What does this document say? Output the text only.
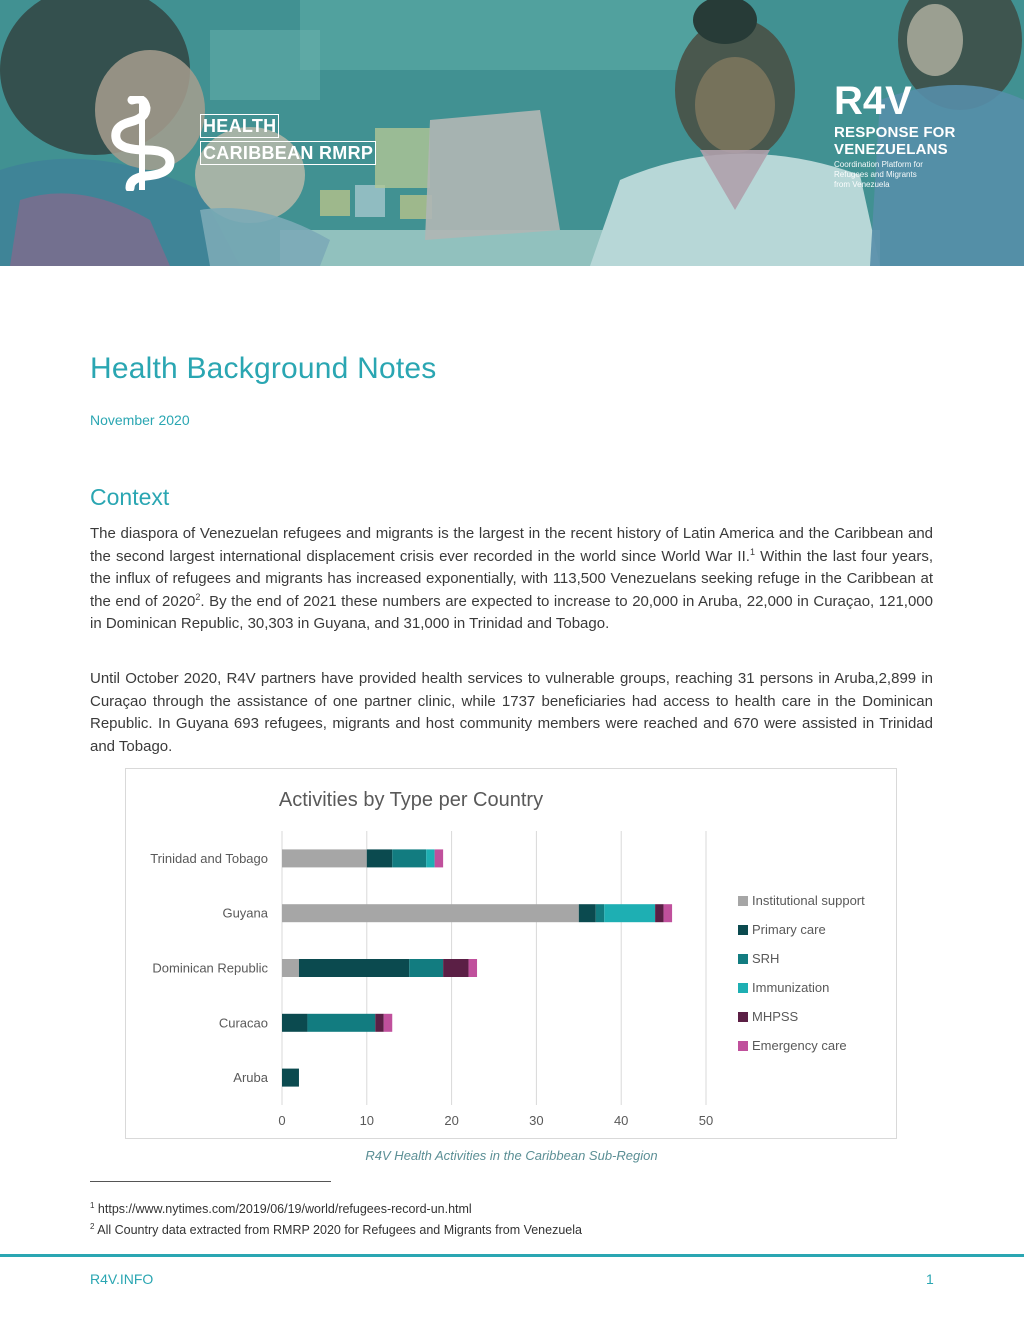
HEALTH
CARIBBEAN RMRP
R4V
RESPONSE FOR
VENEZUELANS
Coordination Platform for
Refugees and Migrants
from Venezuela
Health Background Notes
November 2020
Context

The diaspora of Venezuelan refugees and migrants is the largest in the recent history of Latin America and the Caribbean and the second largest international displacement crisis ever recorded in the world since World War II.$^1$ Within the last four years, the influx of refugees and migrants has increased exponentially, with 113,500 Venezuelans seeking refuge in the Caribbean at the end of 2020$^2$. By the end of 2021 these numbers are expected to increase to 20,000 in Aruba, 22,000 in Curaçao, 121,000 in Dominican Republic, 30,303 in Guyana, and 31,000 in Trinidad and Tobago.

Until October 2020, R4V partners have provided health services to vulnerable groups, reaching 31 persons in Aruba,2,899 in Curaçao through the assistance of one partner clinic, while 1737 beneficiaries had access to health care in the Dominican Republic. In Guyana 693 refugees, migrants and host community members were reached and 670 were assisted in Trinidad and Tobago.

Activities by Type per Country
Trinidad and Tobago
Guyana
Dominican Republic
Curacao
Aruba
0	10	20	30	40	50
Institutional support
Primary care
SRH
Immunization
MHPSS
Emergency care
R4V Health Activities in the Caribbean Sub-Region
$^1$ https://www.nytimes.com/2019/06/19/world/refugees-record-un.html
$^2$ All Country data extracted from RMRP 2020 for Refugees and Migrants from Venezuela
R4V.INFO	1
